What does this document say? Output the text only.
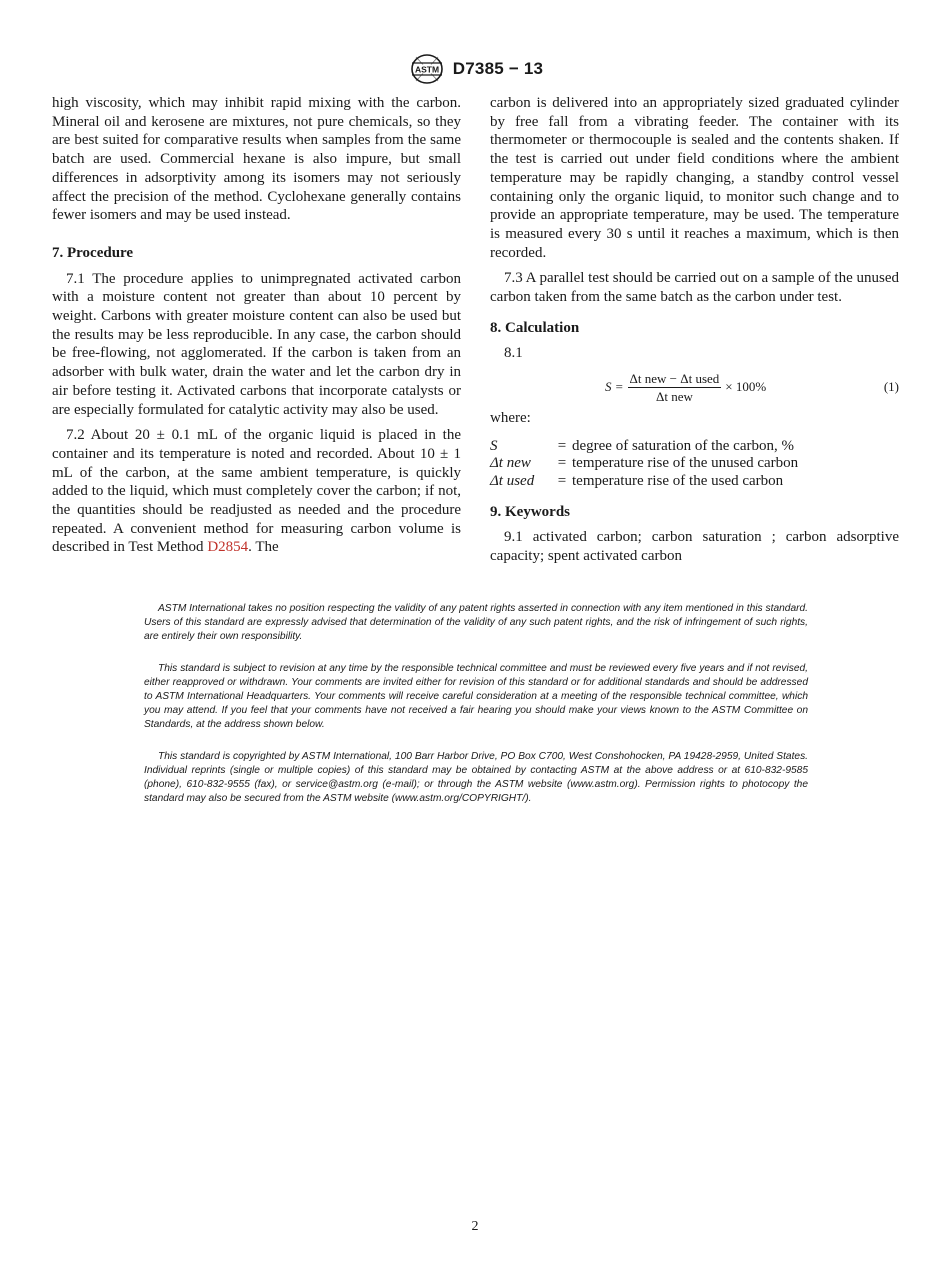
ASTM D7385 − 13

high viscosity, which may inhibit rapid mixing with the carbon. Mineral oil and kerosene are mixtures, not pure chemicals, so they are best suited for comparative results when samples from the same batch are used. Commercial hexane is also impure, but small differences in adsorptivity among its isomers may not seriously affect the precision of the method. Cyclohexane generally contains fewer isomers and may be used instead.

7. Procedure

7.1 The procedure applies to unimpregnated activated carbon with a moisture content not greater than about 10 percent by weight. Carbons with greater moisture content can also be used but the results may be less reproducible. In any case, the carbon should be free-flowing, not agglomerated. If the carbon is taken from an adsorber with bulk water, drain the water and let the carbon dry in air before testing it. Activated carbons that incorporate catalysts or are especially formulated for catalytic activity may also be used.

7.2 About 20 ± 0.1 mL of the organic liquid is placed in the container and its temperature is noted and recorded. About 10 ± 1 mL of the carbon, at the same ambient temperature, is quickly added to the liquid, which must completely cover the carbon; if not, the quantities should be readjusted as needed and the procedure repeated. A convenient method for measuring carbon volume is described in Test Method D2854. The

carbon is delivered into an appropriately sized graduated cylinder by free fall from a vibrating feeder. The container with its thermometer or thermocouple is sealed and the contents shaken. If the test is carried out under field conditions where the ambient temperature may be rapidly changing, a standby control vessel containing only the organic liquid, to monitor such change and to provide an appropriate temperature, may be used. The temperature is measured every 30 s until it reaches a maximum, which is then recorded.

7.3 A parallel test should be carried out on a sample of the unused carbon taken from the same batch as the carbon under test.

8. Calculation

8.1

$S = \frac{\text{Δt new − Δt used}}{\text{Δt new}} \times 100\%$	(1)

where:

S	= degree of saturation of the carbon, %
Δt new	= temperature rise of the unused carbon
Δt used	= temperature rise of the used carbon
9. Keywords

9.1 activated carbon; carbon saturation ; carbon adsorptive capacity; spent activated carbon

ASTM International takes no position respecting the validity of any patent rights asserted in connection with any item mentioned in this standard. Users of this standard are expressly advised that determination of the validity of any such patent rights, and the risk of infringement of such rights, are entirely their own responsibility.

This standard is subject to revision at any time by the responsible technical committee and must be reviewed every five years and if not revised, either reapproved or withdrawn. Your comments are invited either for revision of this standard or for additional standards and should be addressed to ASTM International Headquarters. Your comments will receive careful consideration at a meeting of the responsible technical committee, which you may attend. If you feel that your comments have not received a fair hearing you should make your views known to the ASTM Committee on Standards, at the address shown below.

This standard is copyrighted by ASTM International, 100 Barr Harbor Drive, PO Box C700, West Conshohocken, PA 19428-2959, United States. Individual reprints (single or multiple copies) of this standard may be obtained by contacting ASTM at the above address or at 610-832-9585 (phone), 610-832-9555 (fax), or service@astm.org (e-mail); or through the ASTM website (www.astm.org). Permission rights to photocopy the standard may also be secured from the ASTM website (www.astm.org/COPYRIGHT/).

2
